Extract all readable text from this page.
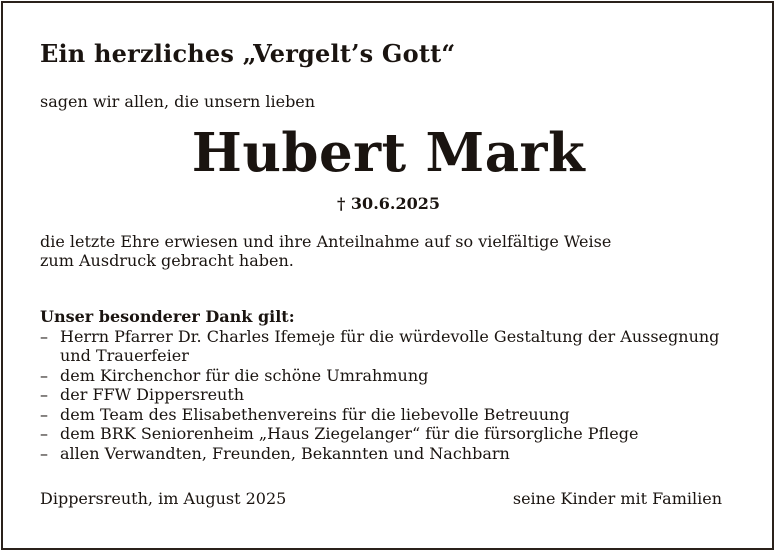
Ein herzliches „Vergelt’s Gott“
sagen wir allen, die unsern lieben
Hubert Mark
† 30.6.2025
die letzte Ehre erwiesen und ihre Anteilnahme auf so vielfältige Weise
zum Ausdruck gebracht haben.
Unser besonderer Dank gilt:
– Herrn Pfarrer Dr. Charles Ifemeje für die würdevolle Gestaltung der Aussegnung
und Trauerfeier
– dem Kirchenchor für die schöne Umrahmung
– der FFW Dippersreuth
– dem Team des Elisabethenvereins für die liebevolle Betreuung
– dem BRK Seniorenheim „Haus Ziegelanger“ für die fürsorgliche Pflege
– allen Verwandten, Freunden, Bekannten und Nachbarn
Dippersreuth, im August 2025	seine Kinder mit Familien
